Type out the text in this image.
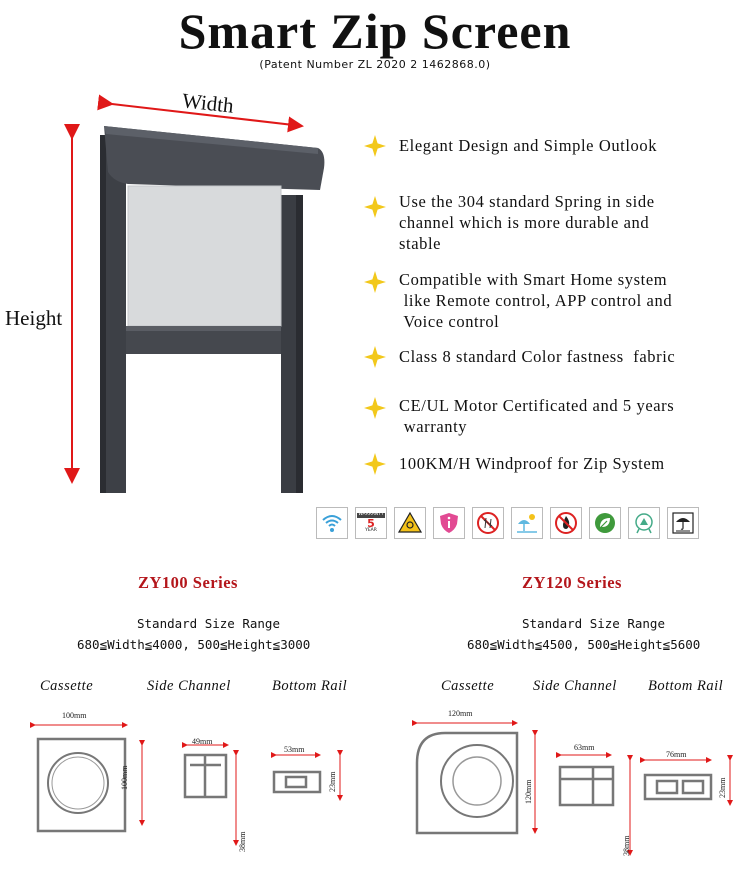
Smart Zip Screen
(Patent Number ZL 2020 2 1462868.0)
Width
Height
Elegant Design and Simple Outlook
Use the 304 standard Spring in side
channel which is more durable and
stable
Compatible with Smart Home system
like Remote control, APP control and
Voice control
Class 8 standard Color fastness  fabric
CE/UL Motor Certificated and 5 years
warranty
100KM/H Windproof for Zip System
WARRANTY
5
YEAR
ZY100 Series
Standard Size Range
680≦Width≦4000, 500≦Height≦3000
Cassette	Side Channel	Bottom Rail
100mm
100mm
49mm
38mm
53mm
23mm
ZY120 Series
Standard Size Range
680≦Width≦4500, 500≦Height≦5600
Cassette	Side Channel Bottom Rail
120mm
120mm
63mm
38mm
76mm
23mm
